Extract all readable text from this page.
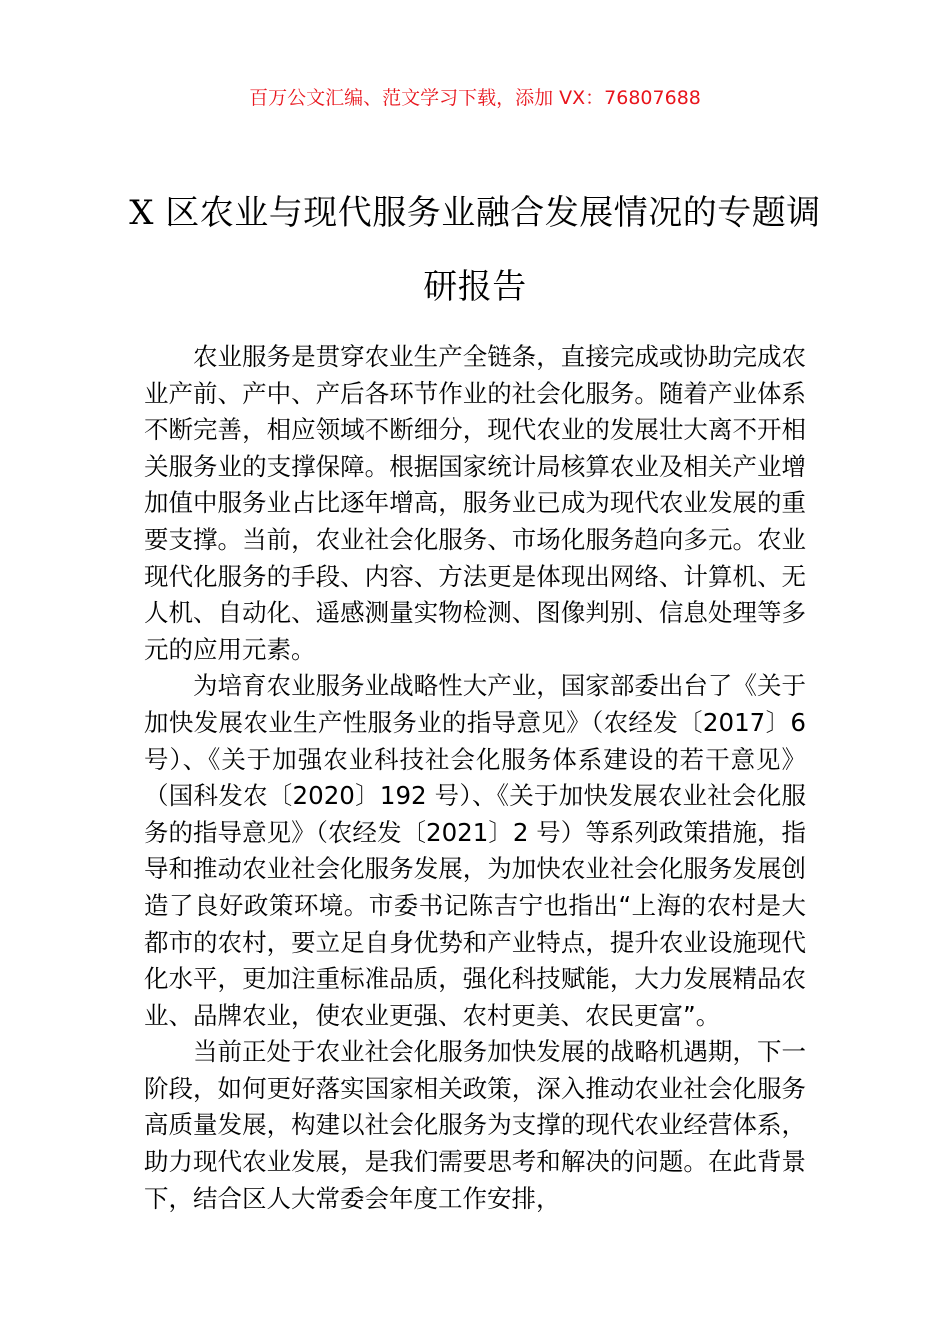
百万公文汇编、范文学习下载，添加 VX：76807688
X 区农业与现代服务业融合发展情况的专题调研报告

农业服务是贯穿农业生产全链条，直接完成或协助完成农业产前、产中、产后各环节作业的社会化服务。随着产业体系不断完善，相应领域不断细分，现代农业的发展壮大离不开相关服务业的支撑保障。根据国家统计局核算农业及相关产业增加值中服务业占比逐年增高，服务业已成为现代农业发展的重要支撑。当前，农业社会化服务、市场化服务趋向多元。农业现代化服务的手段、内容、方法更是体现出网络、计算机、无人机、自动化、遥感测量实物检测、图像判别、信息处理等多元的应用元素。

为培育农业服务业战略性大产业，国家部委出台了《关于加快发展农业生产性服务业的指导意见》（农经发〔2017〕6 号）、《关于加强农业科技社会化服务体系建设的若干意见》（国科发农〔2020〕192 号）、《关于加快发展农业社会化服务的指导意见》（农经发〔2021〕2 号）等系列政策措施，指导和推动农业社会化服务发展，为加快农业社会化服务发展创造了良好政策环境。市委书记陈吉宁也指出“上海的农村是大都市的农村，要立足自身优势和产业特点，提升农业设施现代化水平，更加注重标准品质，强化科技赋能，大力发展精品农业、品牌农业，使农业更强、农村更美、农民更富”。

当前正处于农业社会化服务加快发展的战略机遇期，下一阶段，如何更好落实国家相关政策，深入推动农业社会化服务高质量发展，构建以社会化服务为支撑的现代农业经营体系，助力现代农业发展，是我们需要思考和解决的问题。在此背景下，结合区人大常委会年度工作安排，
